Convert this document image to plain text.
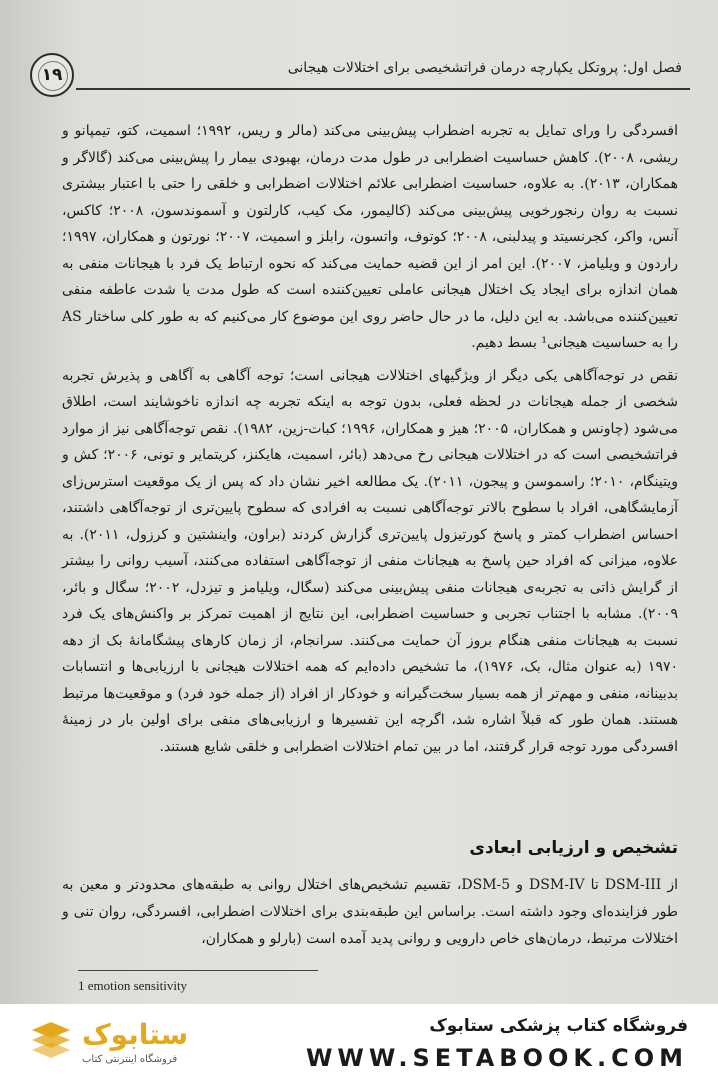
۱۹	فصل اول: پروتکل یکپارچه درمان فراتشخیصی برای اختلالات هیجانی

افسردگی را ورای تمایل به تجربه اضطراب پیش‌بینی می‌کند (مالر و ریس، ۱۹۹۲؛ اسمیت، کتو، تیمپانو و ریشی، ۲۰۰۸). کاهش حساسیت اضطرابی در طول مدت درمان، بهبودی بیمار را پیش‌بینی می‌کند (گالاگر و همکاران، ۲۰۱۳). به علاوه، حساسیت اضطرابی علائم اختلالات اضطرابی و خلقی را حتی با اعتبار بیشتری نسبت به روان رنجورخویی پیش‌بینی می‌کند (کالیمور، مک کیب، کارلتون و آسموندسون، ۲۰۰۸؛ کاکس، آنس، واکر، کجرنسیتد و پیدلبنی، ۲۰۰۸؛ کوتوف، واتسون، رابلز و اسمیت، ۲۰۰۷؛ نورتون و همکاران، ۱۹۹۷؛ راردون و ویلیامز، ۲۰۰۷). این امر از این قضیه حمایت می‌کند که نحوه ارتباط یک فرد با هیجانات منفی به همان اندازه برای ایجاد یک اختلال هیجانی عاملی تعیین‌کننده است که طول مدت یا شدت عاطفه منفی تعیین‌کننده می‌باشد. به این دلیل، ما در حال حاضر روی این موضوع کار می‌کنیم که به طور کلی ساختار AS را به حساسیت هیجانی¹ بسط دهیم.

نقص در توجه‌آگاهی یکی دیگر از ویژگیهای اختلالات هیجانی است؛ توجه آگاهی به آگاهی و پذیرش تجربه شخصی از جمله هیجانات در لحظه فعلی، بدون توجه به اینکه تجربه چه اندازه ناخوشایند است، اطلاق می‌شود (چاونس و همکاران، ۲۰۰۵؛ هیز و همکاران، ۱۹۹۶؛ کبات-زین، ۱۹۸۲). نقص توجه‌آگاهی نیز از موارد فراتشخیصی است که در اختلالات هیجانی رخ می‌دهد (بائر، اسمیت، هایکنز، کریتمایر و تونی، ۲۰۰۶؛ کش و ویتینگام، ۲۰۱۰؛ راسموسن و پیجون، ۲۰۱۱). یک مطالعه اخیر نشان داد که پس از یک موقعیت استرس‌زای آزمایشگاهی، افراد با سطوح بالاتر توجه‌آگاهی نسبت به افرادی که سطوح پایین‌تری از توجه‌آگاهی داشتند، احساس اضطراب کمتر و پاسخ کورتیزول پایین‌تری گزارش کردند (براون، واینشتین و کرزول، ۲۰۱۱). به علاوه، میزانی که افراد حین پاسخ به هیجانات منفی از توجه‌آگاهی استفاده می‌کنند، آسیب روانی را بیشتر از گرایش ذاتی به تجربه‌ی هیجانات منفی پیش‌بینی می‌کند (سگال، ویلیامز و تیزدل، ۲۰۰۲؛ سگال و بائر، ۲۰۰۹). مشابه با اجتناب تجربی و حساسیت اضطرابی، این نتایج از اهمیت تمرکز بر واکنش‌های یک فرد نسبت به هیجانات منفی هنگام بروز آن حمایت می‌کنند. سرانجام، از زمان کارهای پیشگامانهٔ بک از دهه ۱۹۷۰ (به عنوان مثال، بک، ۱۹۷۶)، ما تشخیص داده‌ایم که همه اختلالات هیجانی با ارزیابی‌ها و انتسابات بدبینانه، منفی و مهم‌تر از همه بسیار سخت‌گیرانه و خودکار از افراد (از جمله خود فرد) و موقعیت‌ها مرتبط هستند. همان طور که قبلاً اشاره شد، اگرچه این تفسیرها و ارزیابی‌های منفی برای اولین بار در زمینهٔ افسردگی مورد توجه قرار گرفتند، اما در بین تمام اختلالات اضطرابی و خلقی شایع هستند.

تشخیص و ارزیابی ابعادی

از DSM-III تا DSM-IV و DSM-5، تقسیم تشخیص‌های اختلال روانی به طبقه‌های محدودتر و معین به طور فزاینده‌ای وجود داشته است. براساس این طبقه‌بندی برای اختلالات اضطرابی، افسردگی، روان تنی و اختلالات مرتبط، درمان‌های خاص دارویی و روانی پدید آمده است (بارلو و همکاران،

1 emotion sensitivity
ستابوک
فروشگاه اینترنتی کتاب
فروشگاه کتاب پزشکی ستابوک
WWW.SETABOOK.COM
